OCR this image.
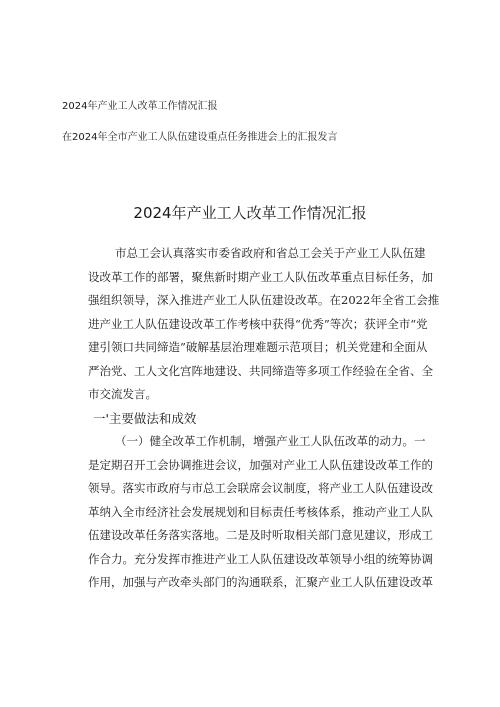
2024年产业工人改革工作情况汇报
在2024年全市产业工人队伍建设重点任务推进会上的汇报发言
2024年产业工人改革工作情况汇报
市总工会认真落实市委省政府和省总工会关于产业工人队伍建
设改革工作的部署，聚焦新时期产业工人队伍改革重点目标任务，加
强组织领导，深入推进产业工人队伍建设改革。在2022年全省工会推
进产业工人队伍建设改革工作考核中获得“优秀”等次；获评全市“党
建引领口共同缔造”破解基层治理难题示范项目；机关党建和全面从
严治党、工人文化宫阵地建设、共同缔造等多项工作经验在全省、全
市交流发言。
一'主要做法和成效
（一）健全改革工作机制，增强产业工人队伍改革的动力。一
是定期召开工会协调推进会议，加强对产业工人队伍建设改革工作的
领导。落实市政府与市总工会联席会议制度，将产业工人队伍建设改
革纳入全市经济社会发展规划和目标责任考核体系，推动产业工人队
伍建设改革任务落实落地。二是及时听取相关部门意见建议，形成工
作合力。充分发挥市推进产业工人队伍建设改革领导小组的统筹协调
作用，加强与产改牵头部门的沟通联系，汇聚产业工人队伍建设改革
